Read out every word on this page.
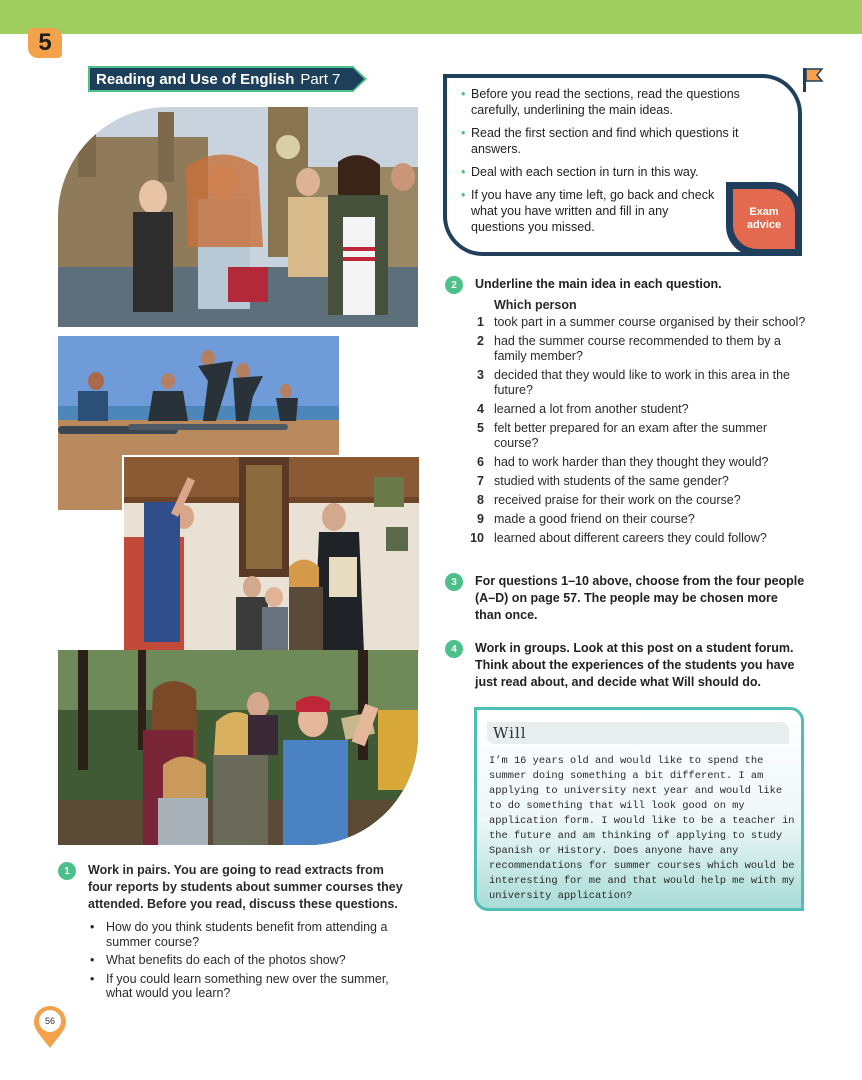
5
Reading and Use of English Part 7
• Before you read the sections, read the questions carefully, underlining the main ideas.
• Read the first section and find which questions it answers.
• Deal with each section in turn in this way.
• If you have any time left, go back and check what you have written and fill in any questions you missed.
Exam
advice
2	Underline the main idea in each question.
Which person
1 took part in a summer course organised by their school?
2 had the summer course recommended to them by a family member?
3 decided that they would like to work in this area in the future?
4 learned a lot from another student?
5 felt better prepared for an exam after the summer course?
6 had to work harder than they thought they would?
7 studied with students of the same gender?
8 received praise for their work on the course?
9 made a good friend on their course?
10 learned about different careers they could follow?
3	For questions 1–10 above, choose from the four people (A–D) on page 57. The people may be chosen more than once.
4	Work in groups. Look at this post on a student forum. Think about the experiences of the students you have just read about, and decide what Will should do.
Will
I’m 16 years old and would like to spend the summer doing something a bit different. I am applying to university next year and would like to do something that will look good on my application form. I would like to be a teacher in the future and am thinking of applying to study Spanish or History. Does anyone have any recommendations for summer courses which would be interesting for me and that would help me with my university application?
1	Work in pairs. You are going to read extracts from four reports by students about summer courses they attended. Before you read, discuss these questions.
• How do you think students benefit from attending a summer course?
• What benefits do each of the photos show?
• If you could learn something new over the summer, what would you learn?
56
